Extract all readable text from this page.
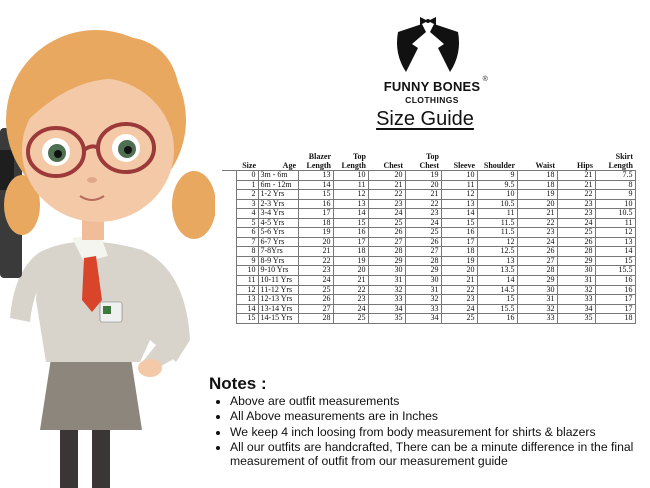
FUNNY BONES ®
CLOTHINGS
Size Guide
	Size	Age	Blazer Length	Top Length	Chest	Top Chest	Sleeve	Shoulder	Waist	Hips	Skirt Length
	0	3m - 6m	13	10	20	19	10	9	18	21	7.5
	1	6m - 12m	14	11	21	20	11	9.5	18	21	8
	2	1-2 Yrs	15	12	22	21	12	10	19	22	9
	3	2-3 Yrs	16	13	23	22	13	10.5	20	23	10
	4	3-4 Yrs	17	14	24	23	14	11	21	23	10.5
	5	4-5 Yrs	18	15	25	24	15	11.5	22	24	11
	6	5-6 Yrs	19	16	26	25	16	11.5	23	25	12
	7	6-7 Yrs	20	17	27	26	17	12	24	26	13
	8	7-8Yrs	21	18	28	27	18	12.5	26	28	14
	9	8-9 Yrs	22	19	29	28	19	13	27	29	15
	10	9-10 Yrs	23	20	30	29	20	13.5	28	30	15.5
	11	10-11 Yrs	24	21	31	30	21	14	29	31	16
	12	11-12 Yrs	25	22	32	31	22	14.5	30	32	16
	13	12-13 Yrs	26	23	33	32	23	15	31	33	17
	14	13-14 Yrs	27	24	34	33	24	15.5	32	34	17
	15	14-15 Yrs	28	25	35	34	25	16	33	35	18
Notes :
• Above are outfit measurements
• All Above measurements are in Inches
• We keep 4 inch loosing from body measurement for shirts & blazers
• All our outfits are handcrafted, There can be a minute difference in the final measurement of outfit from our measurement guide
